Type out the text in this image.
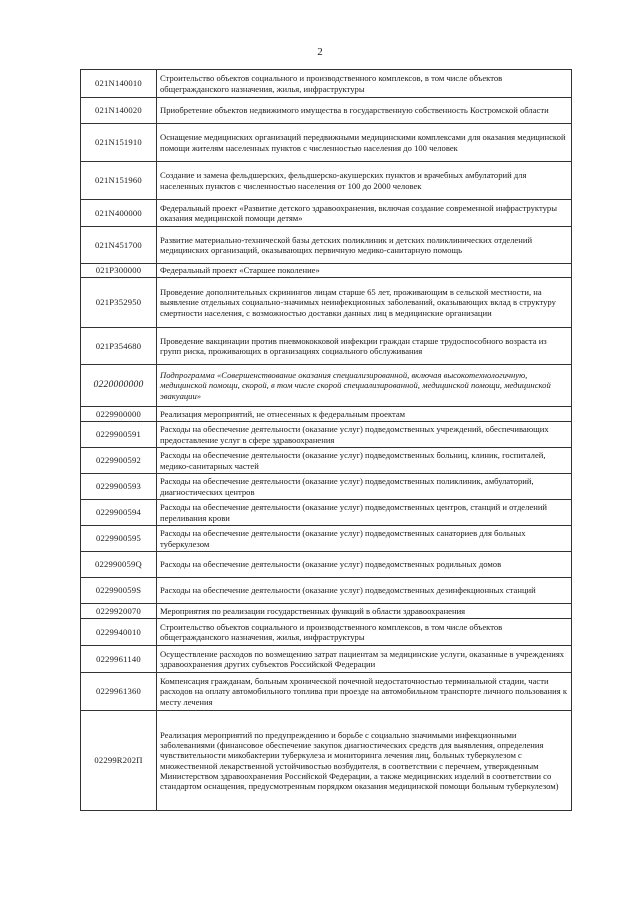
2
021N140010	Строительство объектов социального и производственного комплексов, в том числе объектов общегражданского назначения, жилья, инфраструктуры
021N140020	Приобретение объектов недвижимого имущества в государственную собственность Костромской области
021N151910	Оснащение медицинских организаций передвижными медицинскими комплексами для оказания медицинской помощи жителям населенных пунктов с численностью населения до 100 человек
021N151960	Создание и замена фельдшерских, фельдшерско-акушерских пунктов и врачебных амбулаторий для населенных пунктов с численностью населения от 100 до 2000 человек
021N400000	Федеральный проект «Развитие детского здравоохранения, включая создание современной инфраструктуры оказания медицинской помощи детям»
021N451700	Развитие материально-технической базы детских поликлиник и детских поликлинических отделений медицинских организаций, оказывающих первичную медико-санитарную помощь
021P300000	Федеральный проект «Старшее поколение»
021P352950	Проведение дополнительных скринингов лицам старше 65 лет, проживающим в сельской местности, на выявление отдельных социально-значимых неинфекционных заболеваний, оказывающих вклад в структуру смертности населения, с возможностью доставки данных лиц в медицинские организации
021P354680	Проведение вакцинации против пневмококковой инфекции граждан старше трудоспособного возраста из групп риска, проживающих в организациях социального обслуживания
0220000000	Подпрограмма «Совершенствование оказания специализированной, включая высокотехнологичную, медицинской помощи, скорой, в том числе скорой специализированной, медицинской помощи, медицинской эвакуации»
0229900000	Реализация мероприятий, не отнесенных к федеральным проектам
0229900591	Расходы на обеспечение деятельности (оказание услуг) подведомственных учреждений, обеспечивающих предоставление услуг в сфере здравоохранения
0229900592	Расходы на обеспечение деятельности (оказание услуг) подведомственных больниц, клиник, госпиталей, медико-санитарных частей
0229900593	Расходы на обеспечение деятельности (оказание услуг) подведомственных поликлиник, амбулаторий, диагностических центров
0229900594	Расходы на обеспечение деятельности (оказание услуг) подведомственных центров, станций и отделений переливания крови
0229900595	Расходы на обеспечение деятельности (оказание услуг) подведомственных санаториев для больных туберкулезом
022990059Q	Расходы на обеспечение деятельности (оказание услуг) подведомственных родильных домов
022990059S	Расходы на обеспечение деятельности (оказание услуг) подведомственных дезинфекционных станций
0229920070	Мероприятия по реализации государственных функций в области здравоохранения
0229940010	Строительство объектов социального и производственного комплексов, в том числе объектов общегражданского назначения, жилья, инфраструктуры
0229961140	Осуществление расходов по возмещению затрат пациентам за медицинские услуги, оказанные в учреждениях здравоохранения других субъектов Российской Федерации
0229961360	Компенсация гражданам, больным хронической почечной недостаточностью терминальной стадии, части расходов на оплату автомобильного топлива при проезде на автомобильном транспорте личного пользования к месту лечения
02299R202П	Реализация мероприятий по предупреждению и борьбе с социально значимыми инфекционными заболеваниями (финансовое обеспечение закупок диагностических средств для выявления, определения чувствительности микобактерии туберкулеза и мониторинга лечения лиц, больных туберкулезом с множественной лекарственной устойчивостью возбудителя, в соответствии с перечнем, утвержденным Министерством здравоохранения Российской Федерации, а также медицинских изделий в соответствии со стандартом оснащения, предусмотренным порядком оказания медицинской помощи больным туберкулезом)
